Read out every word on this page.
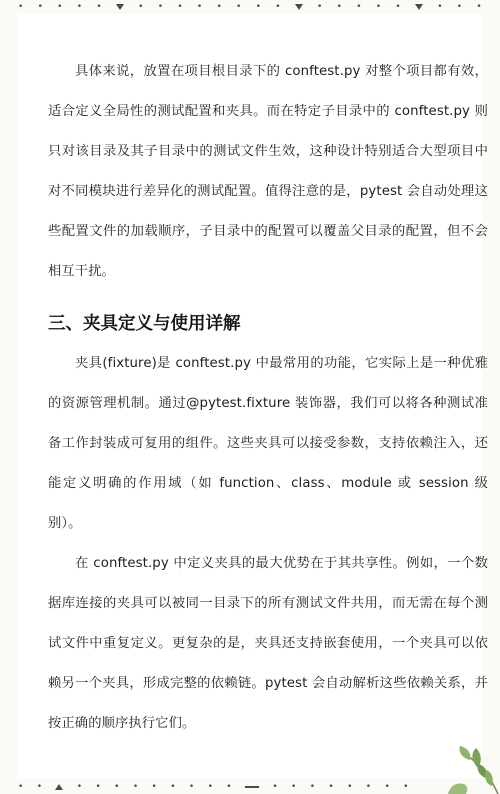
• • • • •	• • • • • • • •	• • • • •	• • •

具体来说，放置在项目根目录下的 conftest.py 对整个项目都有效，适合定义全局性的测试配置和夹具。而在特定子目录中的 conftest.py 则只对该目录及其子目录中的测试文件生效，这种设计特别适合大型项目中对不同模块进行差异化的测试配置。值得注意的是，pytest 会自动处理这些配置文件的加载顺序，子目录中的配置可以覆盖父目录的配置，但不会相互干扰。

三、夹具定义与使用详解

夹具(fixture)是 conftest.py 中最常用的功能，它实际上是一种优雅的资源管理机制。通过@pytest.fixture 装饰器，我们可以将各种测试准备工作封装成可复用的组件。这些夹具可以接受参数，支持依赖注入，还能定义明确的作用域（如 function、class、module 或 session 级别）。

在 conftest.py 中定义夹具的最大优势在于其共享性。例如，一个数据库连接的夹具可以被同一目录下的所有测试文件共用，而无需在每个测试文件中重复定义。更复杂的是，夹具还支持嵌套使用，一个夹具可以依赖另一个夹具，形成完整的依赖链。pytest 会自动解析这些依赖关系，并按正确的顺序执行它们。

• •	• • • • • • • • •	• • • • • • • •
